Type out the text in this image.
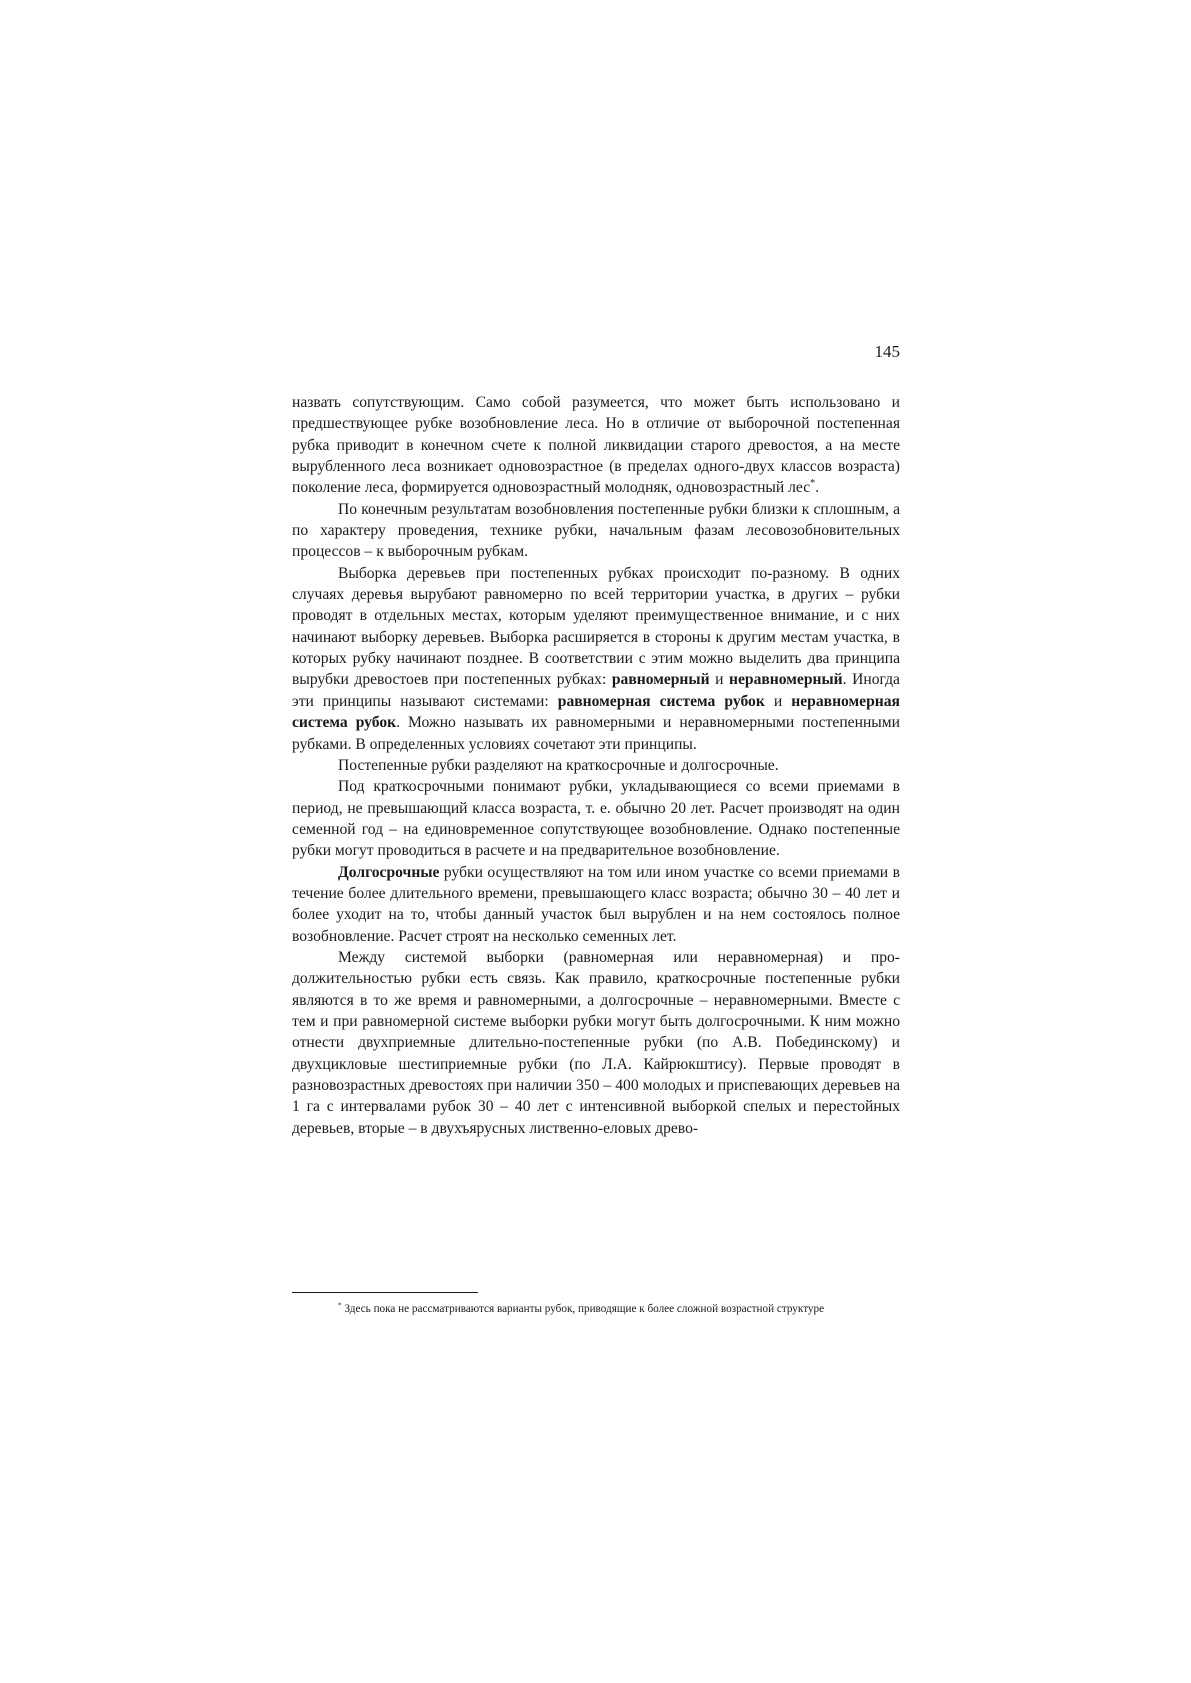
145

назвать сопутствующим. Само собой разумеется, что может быть использовано и предшествующее рубке возобновление леса. Но в отличие от выборочной постепенная рубка приводит в конечном счете к полной ликвидации старого древостоя, а на месте вырубленного леса возникает одновозрастное (в пределах одного-двух классов возраста) поколение леса, формируется одновозрастный молодняк, одновозрастный лес*.

По конечным результатам возобновления постепенные рубки близки к сплошным, а по характеру проведения, технике рубки, начальным фазам лесовозобновительных процессов – к выборочным рубкам.

Выборка деревьев при постепенных рубках происходит по-разному. В одних случаях деревья вырубают равномерно по всей территории участка, в других – рубки проводят в отдельных местах, которым уделяют преимущественное внимание, и с них начинают выборку деревьев. Выборка расширяется в стороны к другим местам участка, в которых рубку начинают позднее. В соответствии с этим можно выделить два принципа вырубки древостоев при постепенных рубках: равномерный и неравномерный. Иногда эти принципы называют системами: равномерная система рубок и неравномерная система рубок. Можно называть их равномерными и неравномерными постепенными рубками. В определенных условиях сочетают эти принципы.

Постепенные рубки разделяют на краткосрочные и долгосрочные.

Под краткосрочными понимают рубки, укладывающиеся со всеми приемами в период, не превышающий класса возраста, т. е. обычно 20 лет. Расчет производят на один семенной год – на единовременное сопутствующее возобновление. Однако постепенные рубки могут проводиться в расчете и на предварительное возобновление.

Долгосрочные рубки осуществляют на том или ином участке со всеми приемами в течение более длительного времени, превышающего класс возраста; обычно 30 – 40 лет и более уходит на то, чтобы данный участок был вырублен и на нем состоялось полное возобновление. Расчет строят на несколько семенных лет.

Между системой выборки (равномерная или неравномерная) и продолжительностью рубки есть связь. Как правило, краткосрочные постепенные рубки являются в то же время и равномерными, а долгосрочные – неравномерными. Вместе с тем и при равномерной системе выборки рубки могут быть долгосрочными. К ним можно отнести двухприемные длительно-постепенные рубки (по А.В. Побединскому) и двухцикловые шестиприемные рубки (по Л.А. Кайрюкштису). Первые проводят в разновозрастных древостоях при наличии 350 – 400 молодых и приспевающих деревьев на 1 га с интервалами рубок 30 – 40 лет с интенсивной выборкой спелых и перестойных деревьев, вторые – в двухъярусных лиственно-еловых древо-

* Здесь пока не рассматриваются варианты рубок, приводящие к более сложной возрастной структуре
